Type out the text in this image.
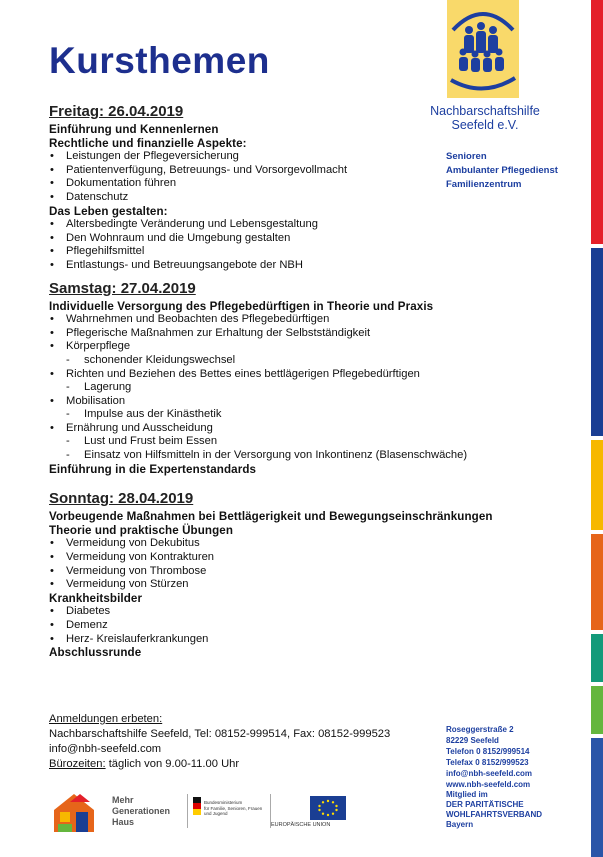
Kursthemen
Nachbarschaftshilfe
Seefeld e.V.
Senioren
Ambulanter Pflegedienst
Familienzentrum
Freitag: 26.04.2019
Einführung und Kennenlernen
Rechtliche und finanzielle Aspekte:
• Leistungen der Pflegeversicherung
• Patientenverfügung, Betreuungs- und Vorsorgevollmacht
• Dokumentation führen
• Datenschutz
Das Leben gestalten:
• Altersbedingte Veränderung und Lebensgestaltung
• Den Wohnraum und die Umgebung gestalten
• Pflegehilfsmittel
• Entlastungs- und Betreuungsangebote der NBH
Samstag: 27.04.2019
Individuelle Versorgung des Pflegebedürftigen in Theorie und Praxis
• Wahrnehmen und Beobachten des Pflegebedürftigen
• Pflegerische Maßnahmen zur Erhaltung der Selbstständigkeit
• Körperpflege
- schonender Kleidungswechsel
• Richten und Beziehen des Bettes eines bettlägerigen Pflegebedürftigen
- Lagerung
• Mobilisation
- Impulse aus der Kinästhetik
• Ernährung und Ausscheidung
- Lust und Frust beim Essen
- Einsatz von Hilfsmitteln in der Versorgung von Inkontinenz (Blasenschwäche)
Einführung in die Expertenstandards
Sonntag: 28.04.2019
Vorbeugende Maßnahmen bei Bettlägerigkeit und Bewegungseinschränkungen
Theorie und praktische Übungen
• Vermeidung von Dekubitus
• Vermeidung von Kontrakturen
• Vermeidung von Thrombose
• Vermeidung von Stürzen
Krankheitsbilder
• Diabetes
• Demenz
• Herz- Kreislauferkrankungen
Abschlussrunde
Anmeldungen erbeten:
Nachbarschaftshilfe Seefeld, Tel: 08152-999514, Fax: 08152-999523
info@nbh-seefeld.com
Bürozeiten: täglich von 9.00-11.00 Uhr
Roseggerstraße 2
82229 Seefeld
Telefon 0 8152/999514
Telefax 0 8152/999523
info@nbh-seefeld.com
www.nbh-seefeld.com
Mitglied im
DER PARITÄTISCHE
WOHLFAHRTSVERBAND
Bayern
Mehr
Generationen
Haus
Bundesministerium
für Familie, Senioren, Frauen
und Jugend
EUROPÄISCHE UNION
